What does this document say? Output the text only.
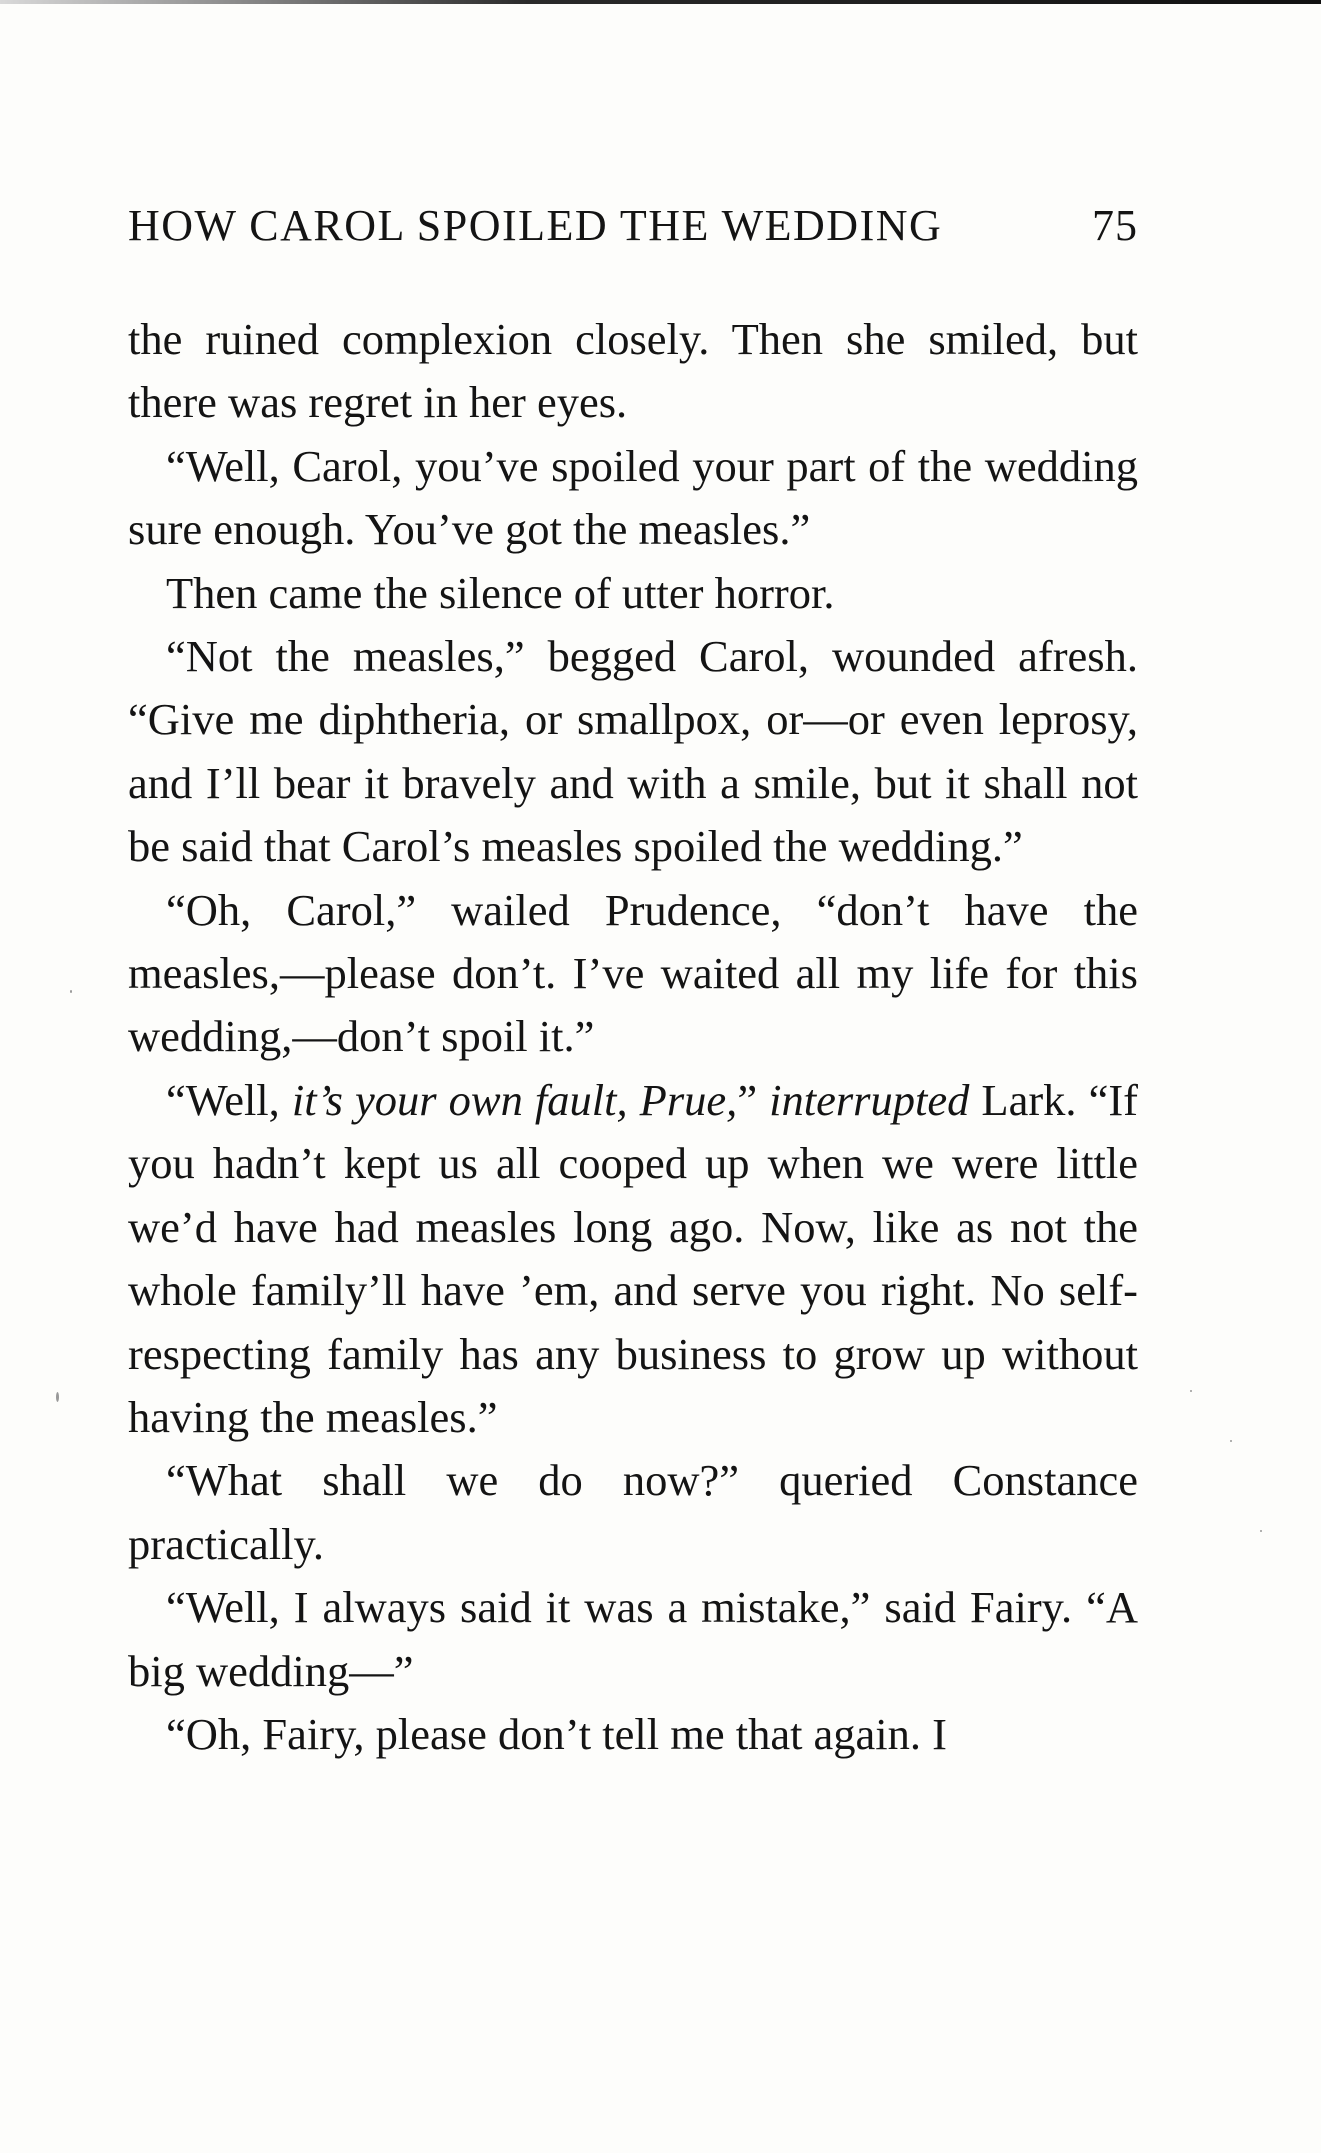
HOW CAROL SPOILED THE WEDDING	75

the ruined complexion closely. Then she smiled, but there was regret in her eyes.

“Well, Carol, you’ve spoiled your part of the wedding sure enough. You’ve got the measles.”

Then came the silence of utter horror.

“Not the measles,” begged Carol, wounded afresh. “Give me diphtheria, or smallpox, or—or even leprosy, and I’ll bear it bravely and with a smile, but it shall not be said that Carol’s measles spoiled the wedding.”

“Oh, Carol,” wailed Prudence, “don’t have the measles,—please don’t. I’ve waited all my life for this wedding,—don’t spoil it.”

“Well, it’s your own fault, Prue,” interrupted Lark. “If you hadn’t kept us all cooped up when we were little we’d have had measles long ago. Now, like as not the whole family’ll have ’em, and serve you right. No self-respecting family has any business to grow up without having the measles.”

“What shall we do now?” queried Constance practically.

“Well, I always said it was a mistake,” said Fairy. “A big wedding—”

“Oh, Fairy, please don’t tell me that again. I
